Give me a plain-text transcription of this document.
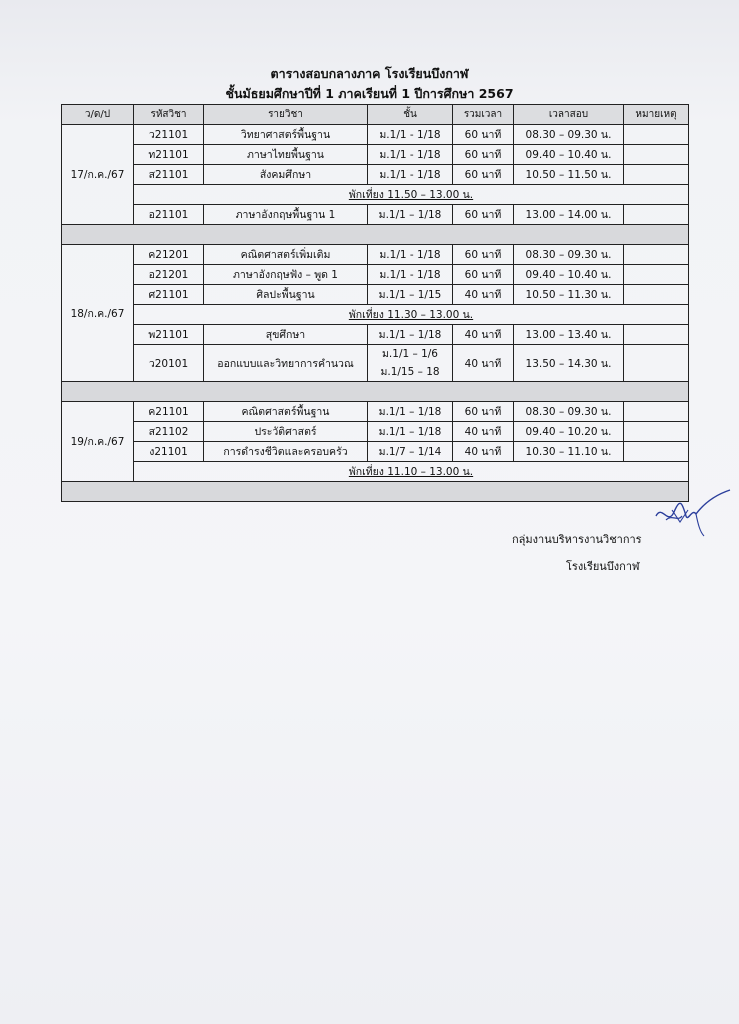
ตารางสอบกลางภาค โรงเรียนบึงกาฬ
ชั้นมัธยมศึกษาปีที่ 1 ภาคเรียนที่ 1 ปีการศึกษา 2567
ว/ด/ป	รหัสวิชา	รายวิชา	ชั้น	รวมเวลา	เวลาสอบ	หมายเหตุ
17/ก.ค./67	ว21101	วิทยาศาสตร์พื้นฐาน	ม.1/1 - 1/18	60 นาที	08.30 – 09.30 น.	
	ท21101	ภาษาไทยพื้นฐาน	ม.1/1 - 1/18	60 นาที	09.40 – 10.40 น.	
	ส21101	สังคมศึกษา	ม.1/1 - 1/18	60 นาที	10.50 – 11.50 น.	
	พักเที่ยง 11.50 – 13.00 น.					
	อ21101	ภาษาอังกฤษพื้นฐาน 1	ม.1/1 – 1/18	60 นาที	13.00 – 14.00 น.	

18/ก.ค./67	ค21201	คณิตศาสตร์เพิ่มเติม	ม.1/1 - 1/18	60 นาที	08.30 – 09.30 น.	
	อ21201	ภาษาอังกฤษฟัง – พูด 1	ม.1/1 - 1/18	60 นาที	09.40 – 10.40 น.	
	ศ21101	ศิลปะพื้นฐาน	ม.1/1 – 1/15	40 นาที	10.50 – 11.30 น.	
	พักเที่ยง 11.30 – 13.00 น.					
	พ21101	สุขศึกษา	ม.1/1 – 1/18	40 นาที	13.00 – 13.40 น.	
	ว20101	ออกแบบและวิทยาการคำนวณ	ม.1/1 – 1/6
ม.1/15 – 18	40 นาที	13.50 – 14.30 น.	

19/ก.ค./67	ค21101	คณิตศาสตร์พื้นฐาน	ม.1/1 – 1/18	60 นาที	08.30 – 09.30 น.	
	ส21102	ประวัติศาสตร์	ม.1/1 – 1/18	40 นาที	09.40 – 10.20 น.	
	ง21101	การดำรงชีวิตและครอบครัว	ม.1/7 – 1/14	40 นาที	10.30 – 11.10 น.	
	พักเที่ยง 11.10 – 13.00 น.					

กลุ่มงานบริหารงานวิชาการ
โรงเรียนบึงกาฬ
